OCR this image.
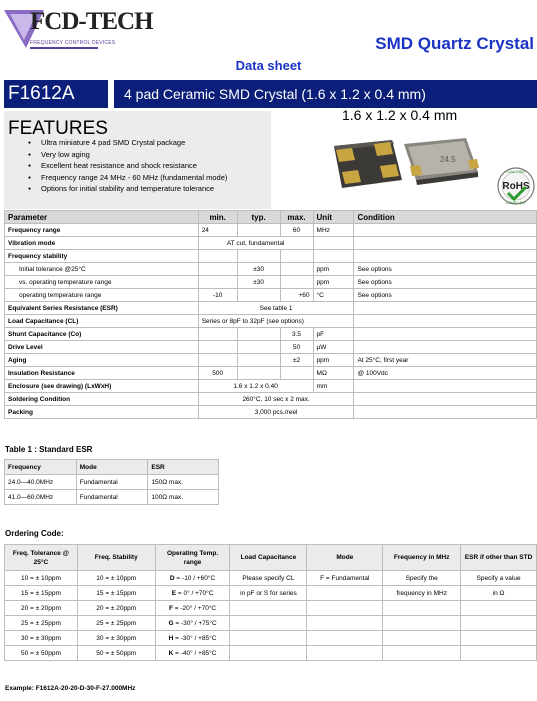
FCD-TECH
FREQUENCY CONTROL DEVICES	SMD Quartz Crystal
Data sheet
F1612A	4 pad Ceramic SMD Crystal (1.6 x 1.2 x 0.4 mm)
FEATURES
● Ultra miniature 4 pad SMD Crystal package
● Very low aging
● Excellent heat resistance and shock resistance
● Frequency range 24 MHz - 60 MHz (fundamental mode)
● Options for initial stability and temperature tolerance
1.6 x 1.2 x 0.4 mm
24.5
LEAD FREE
RoHS
COMPLIANT
Parameter	min.	typ.	max.	Unit	Condition
Frequency range	24		60	MHz	
Vibration mode	AT cut, fundamental				
Frequency stability					
Initial tolerance @25°C		±30		ppm	See options
vs. operating temperature range		±30		ppm	See options
operating temperature range	-10		+60	°C	See options
Equivalent Series Resistance (ESR)	See table 1				
Load Capacitance (CL)	Series or 8pF to 32pF (see options)				
Shunt Capacitance (Co)			3.5	pF	
Drive Level			50	µW	
Aging			±2	ppm	At 25°C, first year
Insulation Resistance	500			MΩ	@ 100Vdc
Enclosure (see drawing) (LxWxH)	1.6 x 1.2 x 0.40			mm	
Soldering Condition	260°C, 10 sec x 2 max.				
Packing	3,000 pcs./reel				
Table 1 : Standard ESR
Frequency	Mode	ESR
24.0—40.0MHz	Fundamental	150Ω max.
41.0—60.0MHz	Fundamental	100Ω max.
Ordering Code:
Freq. Tolerance @ 25°C	Freq. Stability	Operating Temp. range	Load Capacitance	Mode	Frequency in MHz	ESR if other than STD
10 = ± 10ppm	10 = ± 10ppm	D = -10 / +60°C	Please specify CL	F = Fundamental	Specify the	Specify a value
15 = ± 15ppm	15 = ± 15ppm	E = 0° / +70°C	in pF or S for series		frequency in MHz	in Ω
20 = ± 20ppm	20 = ± 20ppm	F = -20° / +70°C				
25 = ± 25ppm	25 = ± 25ppm	G = -30° / +75°C				
30 = ± 30ppm	30 = ± 30ppm	H = -30° / +85°C				
50 = ± 50ppm	50 = ± 50ppm	K = -40° / +85°C				
Example: F1612A-20-20-D-30-F-27.000MHz
